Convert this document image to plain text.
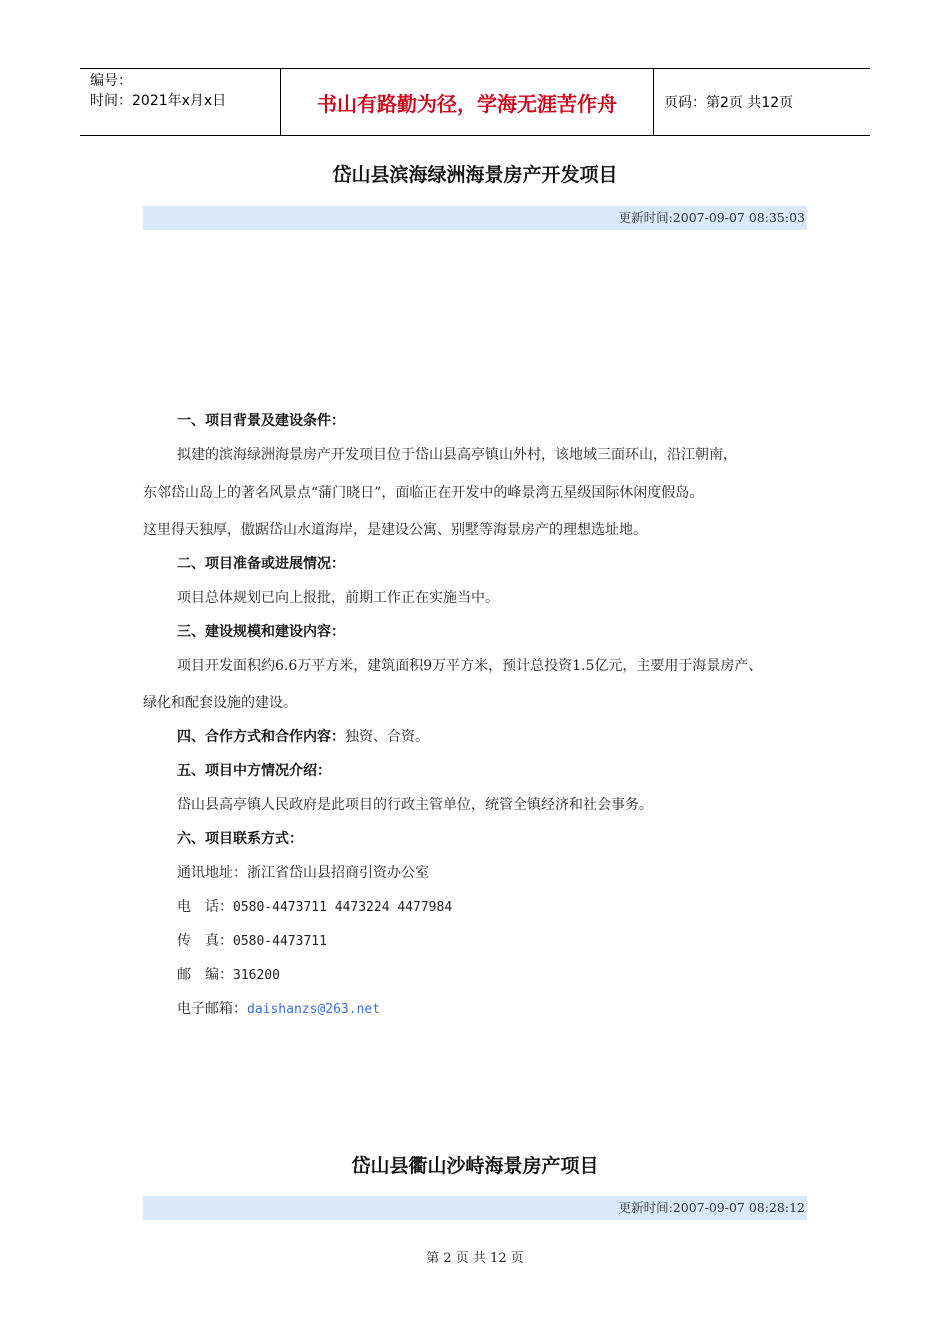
编号：
时间：2021年x月x日	书山有路勤为径，学海无涯苦作舟	页码：第2页 共12页
岱山县滨海绿洲海景房产开发项目
更新时间:2007-09-07 08:35:03
一、项目背景及建设条件：
拟建的滨海绿洲海景房产开发项目位于岱山县高亭镇山外村，该地域三面环山，沿江朝南，
东邻岱山岛上的著名风景点“蒲门晓日”，面临正在开发中的峰景湾五星级国际休闲度假岛。
这里得天独厚，傲踞岱山水道海岸，是建设公寓、别墅等海景房产的理想选址地。
二、项目准备或进展情况：
项目总体规划已向上报批，前期工作正在实施当中。
三、建设规模和建设内容：
项目开发面积约6.6万平方米，建筑面积9万平方米，预计总投资1.5亿元，主要用于海景房产、
绿化和配套设施的建设。
四、合作方式和合作内容：独资、合资。
五、项目中方情况介绍：
岱山县高亭镇人民政府是此项目的行政主管单位，统管全镇经济和社会事务。
六、项目联系方式：
通讯地址：浙江省岱山县招商引资办公室
电　话：0580-4473711 4473224 4477984
传　真：0580-4473711
邮　编：316200
电子邮箱：daishanzs@263.net
岱山县衢山沙峙海景房产项目
更新时间:2007-09-07 08:28:12
第 2 页 共 12 页
